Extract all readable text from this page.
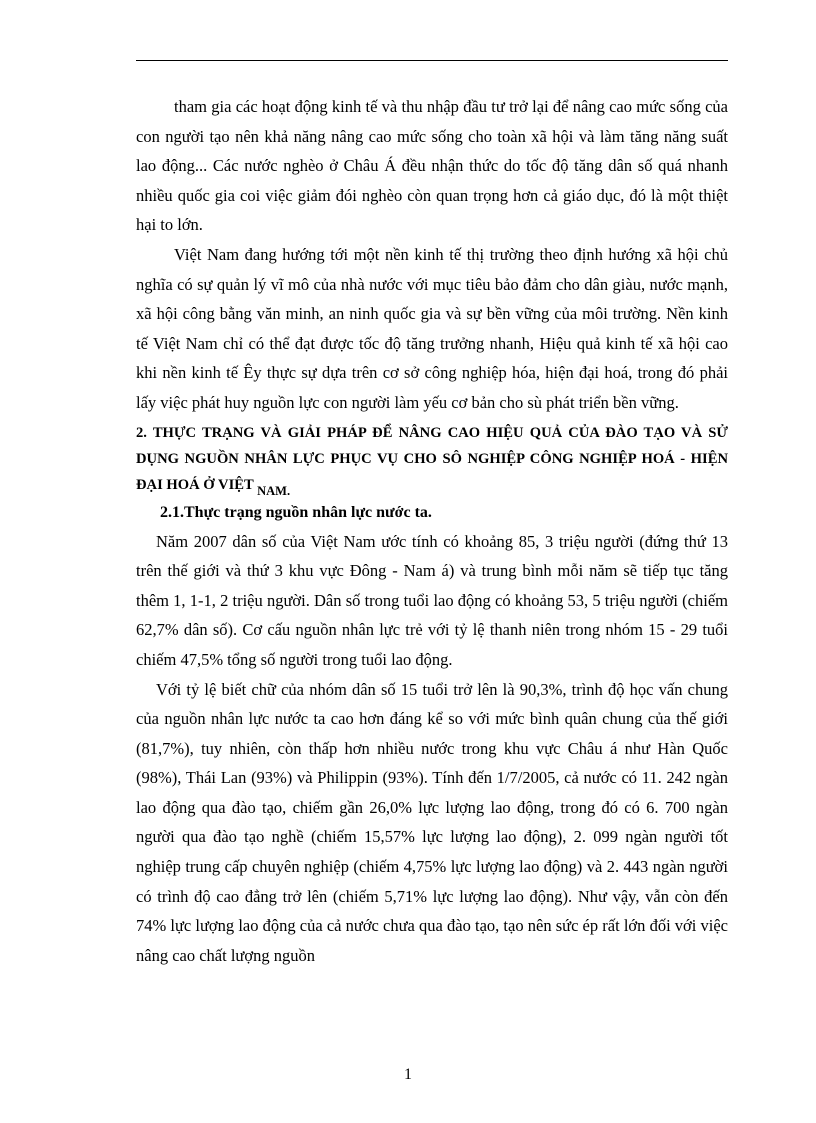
tham gia các hoạt động kinh tế và thu nhập đầu tư trở lại để nâng cao mức sống của con người tạo nên khả năng nâng cao mức sống cho toàn xã hội và làm tăng năng suất lao động... Các nước nghèo ở Châu Á đều nhận thức do tốc độ tăng dân số quá nhanh nhiều quốc gia coi việc giảm đói nghèo còn quan trọng hơn cả giáo dục, đó là một thiệt hại to lớn.

Việt Nam đang hướng tới một nền kinh tế thị trường theo định hướng xã hội chủ nghĩa có sự quản lý vĩ mô của nhà nước với mục tiêu bảo đảm cho dân giàu, nước mạnh, xã hội công bằng văn minh, an ninh quốc gia và sự bền vững của môi trường. Nền kinh tế Việt Nam chỉ có thể đạt được tốc độ tăng trưởng nhanh, Hiệu quả kinh tế xã hội cao khi nền kinh tế Êy thực sự dựa trên cơ sở công nghiệp hóa, hiện đại hoá, trong đó phải lấy việc phát huy nguồn lực con người làm yếu cơ bản cho sù phát triển bền vững.

2. THỰC TRẠNG VÀ GIẢI PHÁP ĐỂ NÂNG CAO HIỆU QUẢ CỦA ĐÀO TẠO VÀ SỬ DỤNG NGUỒN NHÂN LỰC PHỤC VỤ CHO SÔ NGHIỆP CÔNG NGHIỆP HOÁ - HIỆN ĐẠI HOÁ Ở VIỆT NAM.

2.1.Thực trạng nguồn nhân lực nước ta.

Năm 2007 dân số của Việt Nam ước tính có khoảng 85, 3 triệu người (đứng thứ 13 trên thế giới và thứ 3 khu vực Đông - Nam á) và trung bình mỗi năm sẽ tiếp tục tăng thêm 1, 1-1, 2 triệu người. Dân số trong tuổi lao động có khoảng 53, 5 triệu người (chiếm 62,7% dân số). Cơ cấu nguồn nhân lực trẻ với tỷ lệ thanh niên trong nhóm 15 - 29 tuổi chiếm 47,5% tổng số người trong tuổi lao động.

Với tỷ lệ biết chữ của nhóm dân số 15 tuổi trở lên là 90,3%, trình độ học vấn chung của nguồn nhân lực nước ta cao hơn đáng kể so với mức bình quân chung của thế giới (81,7%), tuy nhiên, còn thấp hơn nhiều nước trong khu vực Châu á như Hàn Quốc (98%), Thái Lan (93%) và Philippin (93%). Tính đến 1/7/2005, cả nước có 11. 242 ngàn lao động qua đào tạo, chiếm gần 26,0% lực lượng lao động, trong đó có 6. 700 ngàn người qua đào tạo nghề (chiếm 15,57% lực lượng lao động), 2. 099 ngàn người tốt nghiệp trung cấp chuyên nghiệp (chiếm 4,75% lực lượng lao động) và 2. 443 ngàn người có trình độ cao đẳng trở lên (chiếm 5,71% lực lượng lao động). Như vậy, vẫn còn đến 74% lực lượng lao động của cả nước chưa qua đào tạo, tạo nên sức ép rất lớn đối với việc nâng cao chất lượng nguồn

1
